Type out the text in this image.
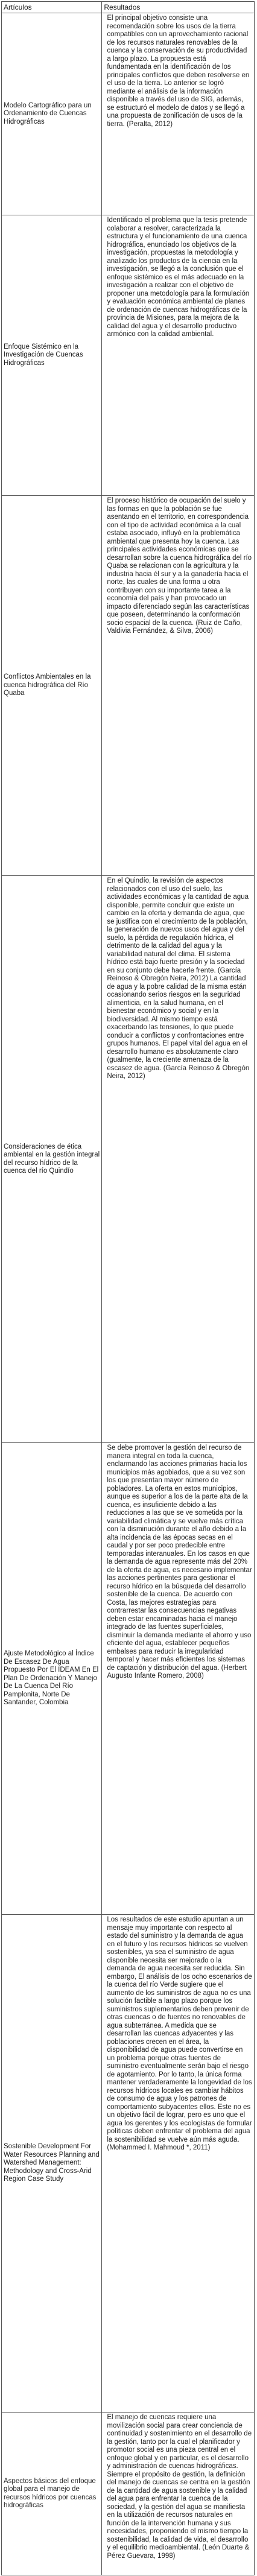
Artículos	Resultados
Modelo Cartográfico para un Ordenamiento de Cuencas Hidrográficas	El principal objetivo consiste una recomendación sobre los usos de la tierra compatibles con un aprovechamiento racional de los recursos naturales renovables de la cuenca y la conservación de su productividad a largo plazo. La propuesta está fundamentada en la identificación de los principales conflictos que deben resolverse en el uso de la tierra. Lo anterior se logró mediante el análisis de la información disponible a través del uso de SIG, además, se estructuró el modelo de datos y se llegó a una propuesta de zonificación de usos de la tierra. (Peralta, 2012)
Enfoque Sistémico en la Investigación de Cuencas Hidrográficas	Identificado el problema que la tesis pretende colaborar a resolver, caracterizada la estructura y el funcionamiento de una cuenca hidrográfica, enunciado los objetivos de la investigación, propuestas la metodología y analizado los productos de la ciencia en la investigación, se llegó a la conclusión que el enfoque sistémico es el más adecuado en la investigación a realizar con el objetivo de proponer una metodología para la formulación y evaluación económica ambiental de planes de ordenación de cuencas hidrográficas de la provincia de Misiones, para la mejora de la calidad del agua y el desarrollo productivo armónico con la calidad ambiental.
Conflictos Ambientales en la cuenca hidrográfica del Río Quaba	El proceso histórico de ocupación del suelo y las formas en que la población se fue asentando en el territorio, en correspondencia con el tipo de actividad económica a la cual estaba asociado, influyó en la problemática ambiental que presenta hoy la cuenca. Las principales actividades económicas que se desarrollan sobre la cuenca hidrográfica del río Quaba se relacionan con la agricultura y la industria hacia él sur y a la ganadería hacia el norte, las cuales de una forma u otra contribuyen con su importante tarea a la economía del país y han provocado un impacto diferenciado según las características que poseen, determinando la conformación socio espacial de la cuenca. (Ruiz de Caño, Valdivia Fernández, & Silva, 2006)
Consideraciones de ética ambiental en la gestión integral del recurso hídrico de la cuenca del río Quindío	En el Quindío, la revisión de aspectos relacionados con el uso del suelo, las actividades económicas y la cantidad de agua disponible, permite concluir que existe un cambio en la oferta y demanda de agua, que se justifica con el crecimiento de la población, la generación de nuevos usos del agua y del suelo, la pérdida de regulación hídrica, el detrimento de la calidad del agua y la variabilidad natural del clima. El sistema hídrico está bajo fuerte presión y la sociedad en su conjunto debe hacerle frente. (García Reinoso & Obregón Neira, 2012) La cantidad de agua y la pobre calidad de la misma están ocasionando serios riesgos en la seguridad alimenticia, en la salud humana, en el bienestar económico y social y en la biodiversidad. Al mismo tiempo está exacerbando las tensiones, lo que puede conducir a conflictos y confrontaciones entre grupos humanos. El papel vital del agua en el desarrollo humano es absolutamente claro (gualmente, la creciente amenaza de la escasez de agua. (García Reinoso & Obregón Neira, 2012)
Ajuste Metodológico al Índice De Escasez De Agua Propuesto Por El IDEAM En El Plan De Ordenación Y Manejo De La Cuenca Del Río Pamplonita, Norte De Santander, Colombia	Se debe promover la gestión del recurso de manera integral en toda la cuenca, enclarmando las acciones primarias hacia los municipios más agobiados, que a su vez son los que presentan mayor número de pobladores. La oferta en estos municipios, aunque es superior a los de la parte alta de la cuenca, es insuficiente debido a las reducciones a las que se ve sometida por la variabilidad climática y se vuelve más crítica con la disminución durante el año debido a la alta incidencia de las épocas secas en el caudal y por ser poco predecible entre temporadas interanuales. En los casos en que la demanda de agua represente más del 20% de la oferta de agua, es necesario implementar las acciones pertinentes para gestionar el recurso hídrico en la búsqueda del desarrollo sostenible de la cuenca. De acuerdo con Costa, las mejores estrategias para contrarrestar las consecuencias negativas deben estar encaminadas hacia el manejo integrado de las fuentes superficiales, disminuir la demanda mediante el ahorro y uso eficiente del agua, establecer pequeños embalses para reducir la irregularidad temporal y hacer más eficientes los sistemas de captación y distribución del agua. (Herbert Augusto Infante Romero, 2008)
Sostenible Development For Water Resources Planning and Watershed Management: Methodology and Cross-Arid Region Case Study	Los resultados de este estudio apuntan a un mensaje muy importante con respecto al estado del suministro y la demanda de agua en el futuro y los recursos hídricos se vuelven sostenibles, ya sea el suministro de agua disponible necesita ser mejorado o la demanda de agua necesita ser reducida. Sin embargo, El análisis de los ocho escenarios de la cuenca del río Verde sugiere que el aumento de los suministros de agua no es una solución factible a largo plazo porque los suministros suplementarios deben provenir de otras cuencas o de fuentes no renovables de agua subterránea. A medida que se desarrollan las cuencas adyacentes y las poblaciones crecen en el área, la disponibilidad de agua puede convertirse en un problema porque otras fuentes de suministro eventualmente serán bajo el riesgo de agotamiento. Por lo tanto, la única forma mantener verdaderamente la longevidad de los recursos hídricos locales es cambiar hábitos de consumo de agua y los patrones de comportamiento subyacentes ellos. Este no es un objetivo fácil de lograr, pero es uno que el agua los gerentes y los ecologistas de formular políticas deben enfrentar el problema del agua la sostenibilidad se vuelve aún más aguda. (Mohammed I. Mahmoud *, 2011)
Aspectos básicos del enfoque global para el manejo de recursos hídricos por cuencas hidrográficas	El manejo de cuencas requiere una movilización social para crear conciencia de continuidad y sostenimiento en el desarrollo de la gestión, tanto por la cual el planificador y promotor social es una pieza central en el enfoque global y en particular, es el desarrollo y administración de cuencas hidrográficas. Siempre el propósito de gestión, la definición del manejo de cuencas se centra en la gestión de la cantidad de agua sostenible y la calidad del agua para enfrentar la cuenca de la sociedad, y la gestión del agua se manifiesta en la utilización de recursos naturales en función de la intervención humana y sus necesidades, proponiendo el mismo tiempo la sostenibilidad, la calidad de vida, el desarrollo y el equilibrio medioambiental. (León Duarte & Pérez Guevara, 1998)
